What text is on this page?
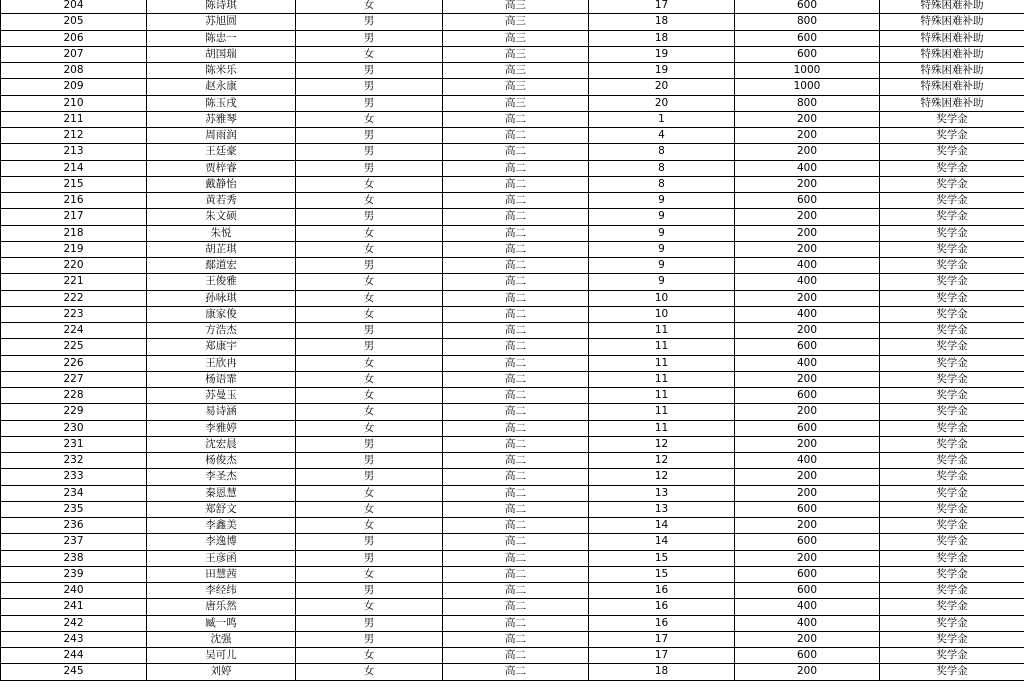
204	陈诗琪	女	高三	17	600	特殊困难补助
205	苏旭圆	男	高三	18	800	特殊困难补助
206	陈忠一	男	高三	18	600	特殊困难补助
207	胡国瑞	女	高三	19	600	特殊困难补助
208	陈米乐	男	高三	19	1000	特殊困难补助
209	赵永康	男	高三	20	1000	特殊困难补助
210	陈玉戌	男	高三	20	800	特殊困难补助
211	苏雅琴	女	高二	1	200	奖学金
212	周雨润	男	高二	4	200	奖学金
213	王廷豪	男	高二	8	200	奖学金
214	贾梓睿	男	高二	8	400	奖学金
215	戴静怡	女	高二	8	200	奖学金
216	黄若秀	女	高二	9	600	奖学金
217	朱文硕	男	高二	9	200	奖学金
218	朱悦	女	高二	9	200	奖学金
219	胡芷琪	女	高二	9	200	奖学金
220	鄢道宏	男	高二	9	400	奖学金
221	王俊雅	女	高二	9	400	奖学金
222	孙咏琪	女	高二	10	200	奖学金
223	康家俊	女	高二	10	400	奖学金
224	方浩杰	男	高二	11	200	奖学金
225	郑康宇	男	高二	11	600	奖学金
226	王欣冉	女	高二	11	400	奖学金
227	杨语霏	女	高二	11	200	奖学金
228	苏曼玉	女	高二	11	600	奖学金
229	易诗涵	女	高二	11	200	奖学金
230	李雅婷	女	高二	11	600	奖学金
231	沈宏晨	男	高二	12	200	奖学金
232	杨俊杰	男	高二	12	400	奖学金
233	李圣杰	男	高二	12	200	奖学金
234	秦恩慧	女	高二	13	200	奖学金
235	郑舒文	女	高二	13	600	奖学金
236	李鑫美	女	高二	14	200	奖学金
237	李逸博	男	高二	14	600	奖学金
238	王彦函	男	高二	15	200	奖学金
239	田慧茜	女	高二	15	600	奖学金
240	李经纬	男	高二	16	600	奖学金
241	唐乐然	女	高二	16	400	奖学金
242	臧一鸣	男	高二	16	400	奖学金
243	沈强	男	高二	17	200	奖学金
244	吴可儿	女	高二	17	600	奖学金
245	刘婷	女	高二	18	200	奖学金
